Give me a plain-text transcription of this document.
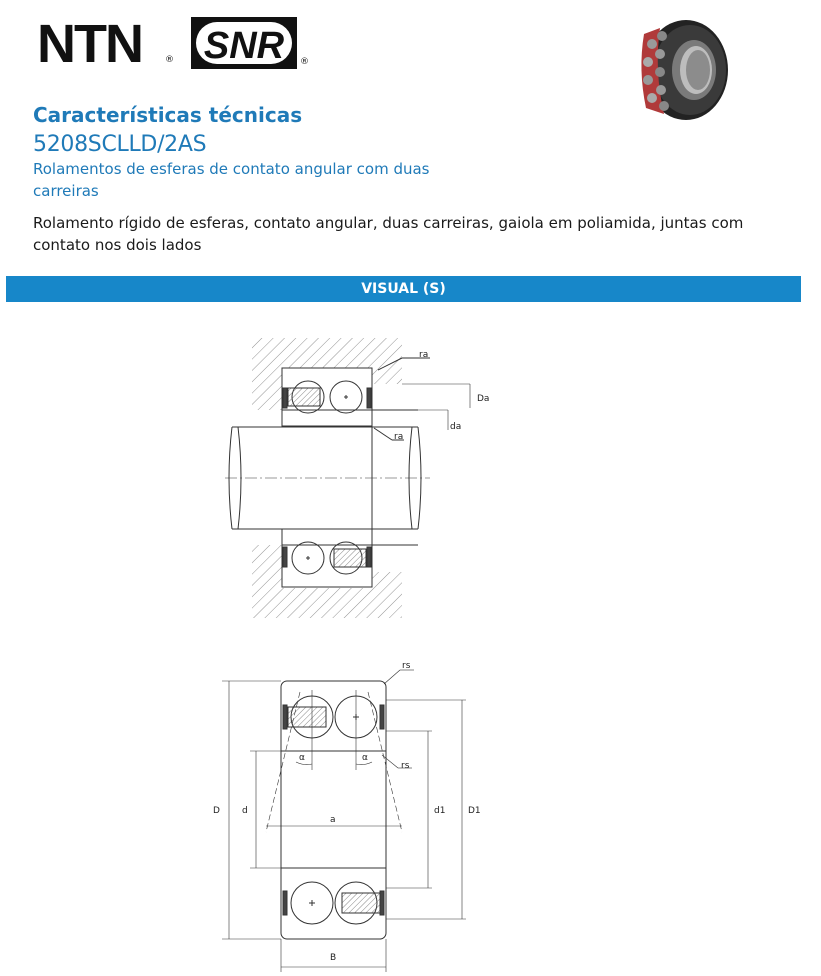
NTN	® SNR ®
Características técnicas
5208SCLLD/2AS
Rolamentos de esferas de contato angular com duas carreiras
Rolamento rígido de esferas, contato angular, duas carreiras, gaiola em poliamida, juntas com contato nos dois lados
VISUAL (S)
ra
Da
da
ra
rs
rs
α	α
D d
a
d1	D1
B
